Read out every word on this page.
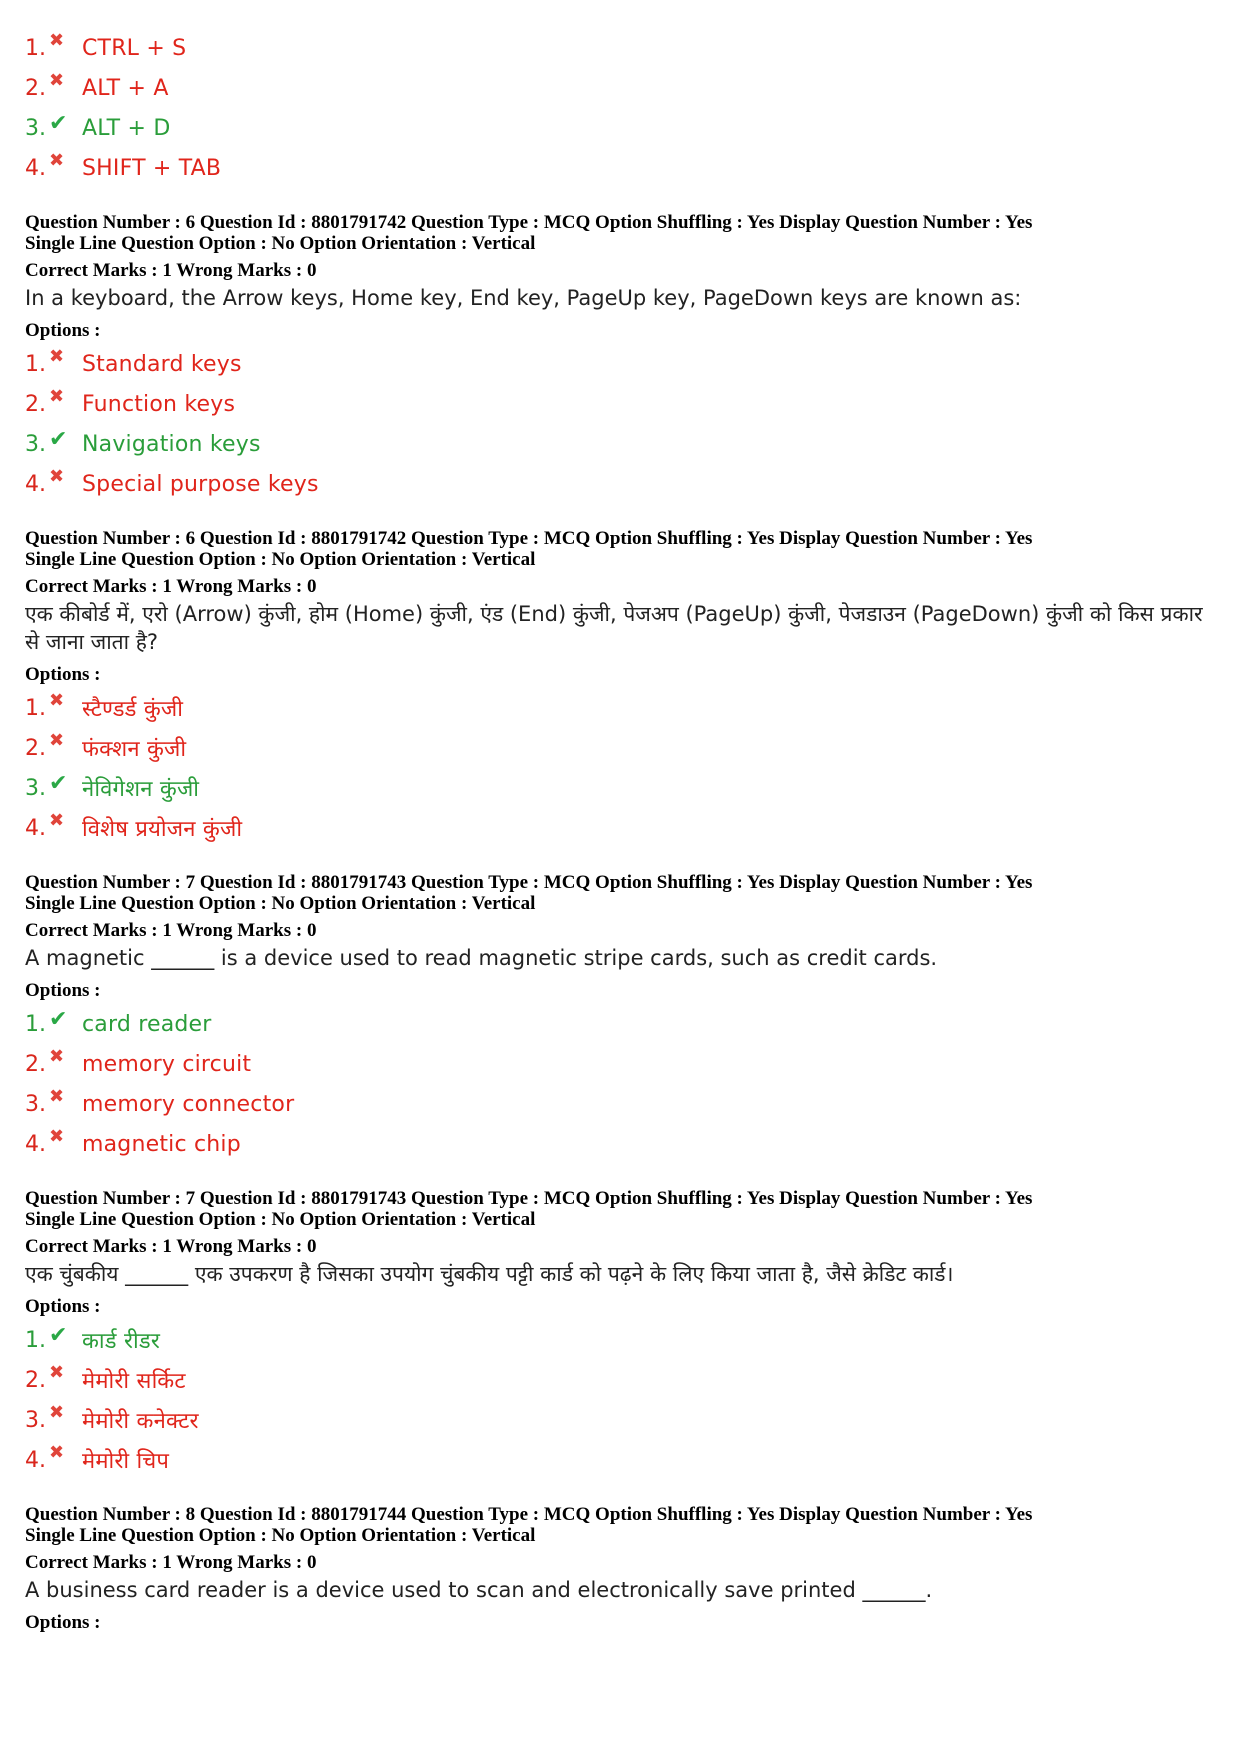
1. ✖ CTRL + S
2. ✖ ALT + A
3. ✔ ALT + D
4. ✖ SHIFT + TAB
Question Number : 6 Question Id : 8801791742 Question Type : MCQ Option Shuffling : Yes Display Question Number : Yes
Single Line Question Option : No Option Orientation : Vertical
Correct Marks : 1 Wrong Marks : 0
In a keyboard, the Arrow keys, Home key, End key, PageUp key, PageDown keys are known as:
Options :
1. ✖ Standard keys
2. ✖ Function keys
3. ✔ Navigation keys
4. ✖ Special purpose keys
Question Number : 6 Question Id : 8801791742 Question Type : MCQ Option Shuffling : Yes Display Question Number : Yes
Single Line Question Option : No Option Orientation : Vertical
Correct Marks : 1 Wrong Marks : 0
एक कीबोर्ड में, एरो (Arrow) कुंजी, होम (Home) कुंजी, एंड (End) कुंजी, पेजअप (PageUp) कुंजी, पेजडाउन (PageDown) कुंजी को किस प्रकार से जाना जाता है?
Options :
1. ✖ स्टैण्डर्ड कुंजी
2. ✖ फंक्शन कुंजी
3. ✔ नेविगेशन कुंजी
4. ✖ विशेष प्रयोजन कुंजी
Question Number : 7 Question Id : 8801791743 Question Type : MCQ Option Shuffling : Yes Display Question Number : Yes
Single Line Question Option : No Option Orientation : Vertical
Correct Marks : 1 Wrong Marks : 0
A magnetic ______ is a device used to read magnetic stripe cards, such as credit cards.
Options :
1. ✔ card reader
2. ✖ memory circuit
3. ✖ memory connector
4. ✖ magnetic chip
Question Number : 7 Question Id : 8801791743 Question Type : MCQ Option Shuffling : Yes Display Question Number : Yes
Single Line Question Option : No Option Orientation : Vertical
Correct Marks : 1 Wrong Marks : 0
एक चुंबकीय ______ एक उपकरण है जिसका उपयोग चुंबकीय पट्टी कार्ड को पढ़ने के लिए किया जाता है, जैसे क्रेडिट कार्ड।
Options :
1. ✔ कार्ड रीडर
2. ✖ मेमोरी सर्किट
3. ✖ मेमोरी कनेक्टर
4. ✖ मेमोरी चिप
Question Number : 8 Question Id : 8801791744 Question Type : MCQ Option Shuffling : Yes Display Question Number : Yes
Single Line Question Option : No Option Orientation : Vertical
Correct Marks : 1 Wrong Marks : 0
A business card reader is a device used to scan and electronically save printed ______.
Options :
